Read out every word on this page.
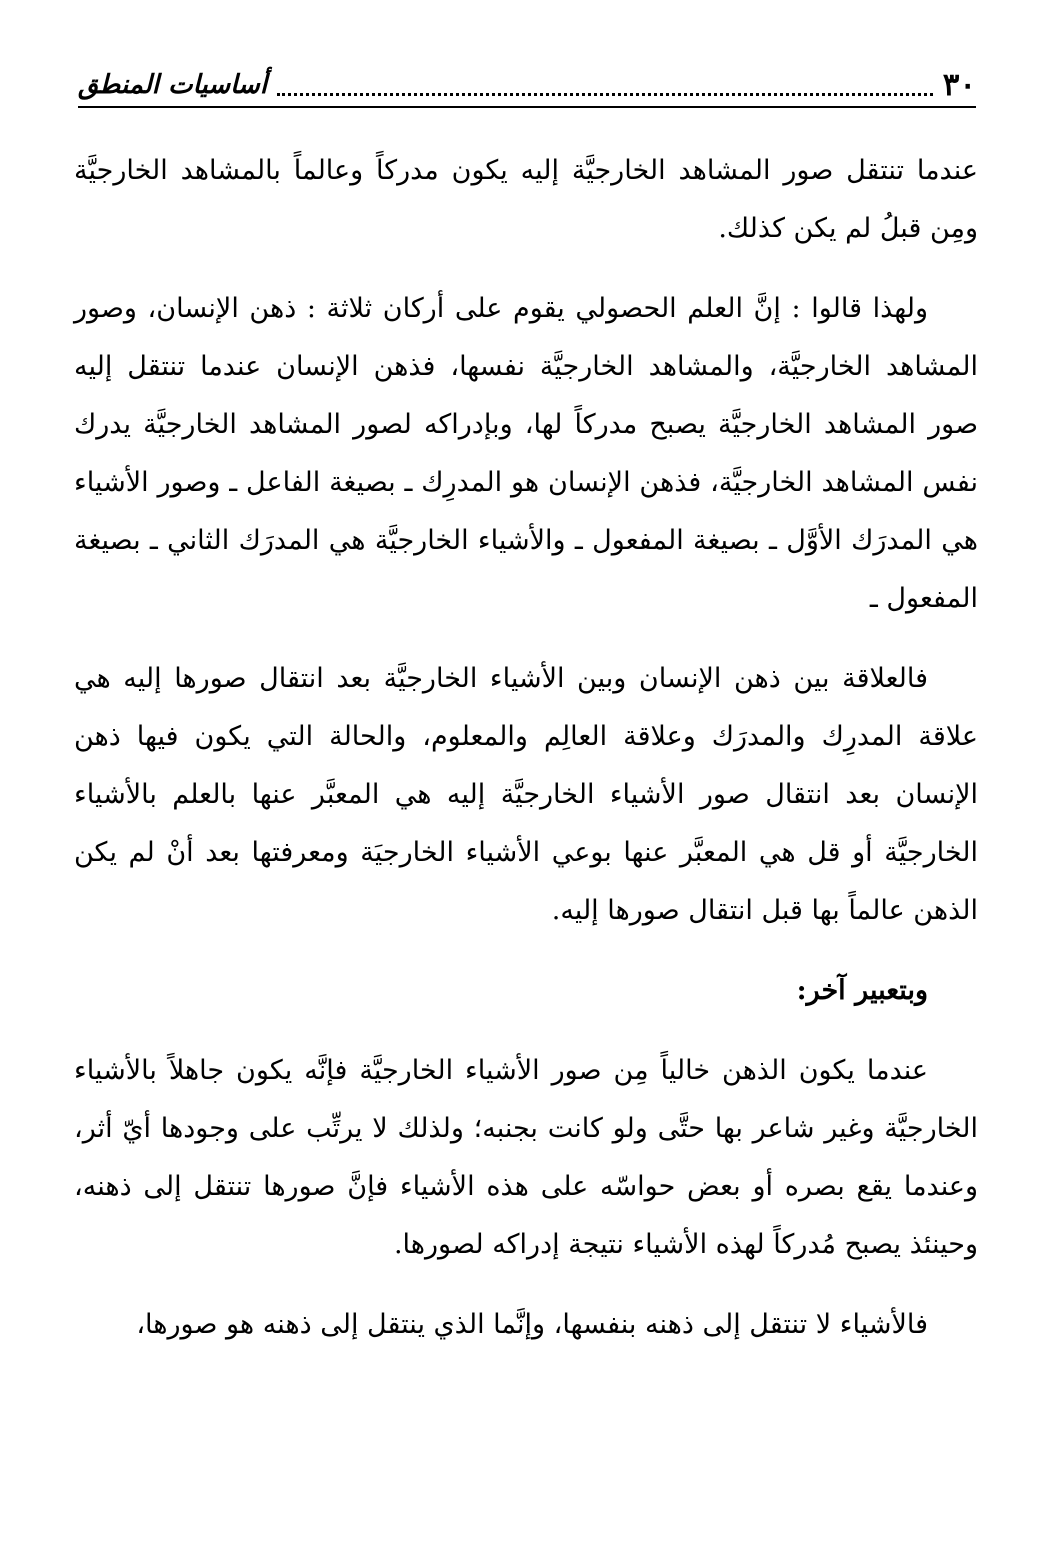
٣٠
أساسيات المنطق

عندما تنتقل صور المشاهد الخارجيَّة إليه يكون مدركاً وعالماً بالمشاهد الخارجيَّة ومِن قبلُ لم يكن كذلك.

ولهذا قالوا : إنَّ العلم الحصولي يقوم على أركان ثلاثة : ذهن الإنسان، وصور المشاهد الخارجيَّة، والمشاهد الخارجيَّة نفسها، فذهن الإنسان عندما تنتقل إليه صور المشاهد الخارجيَّة يصبح مدركاً لها، وبإدراكه لصور المشاهد الخارجيَّة يدرك نفس المشاهد الخارجيَّة، فذهن الإنسان هو المدرِك ـ بصيغة الفاعل ـ وصور الأشياء هي المدرَك الأوَّل ـ بصيغة المفعول ـ والأشياء الخارجيَّة هي المدرَك الثاني ـ بصيغة المفعول ـ

فالعلاقة بين ذهن الإنسان وبين الأشياء الخارجيَّة بعد انتقال صورها إليه هي علاقة المدرِك والمدرَك وعلاقة العالِم والمعلوم، والحالة التي يكون فيها ذهن الإنسان بعد انتقال صور الأشياء الخارجيَّة إليه هي المعبَّر عنها بالعلم بالأشياء الخارجيَّة أو قل هي المعبَّر عنها بوعي الأشياء الخارجيَة ومعرفتها بعد أنْ لم يكن الذهن عالماً بها قبل انتقال صورها إليه.

وبتعبير آخر:

عندما يكون الذهن خالياً مِن صور الأشياء الخارجيَّة فإنَّه يكون جاهلاً بالأشياء الخارجيَّة وغير شاعر بها حتَّى ولو كانت بجنبه؛ ولذلك لا يرتِّب على وجودها أيّ أثر، وعندما يقع بصره أو بعض حواسّه على هذه الأشياء فإنَّ صورها تنتقل إلى ذهنه، وحينئذ يصبح مُدركاً لهذه الأشياء نتيجة إدراكه لصورها.

فالأشياء لا تنتقل إلى ذهنه بنفسها، وإنَّما الذي ينتقل إلى ذهنه هو صورها،
